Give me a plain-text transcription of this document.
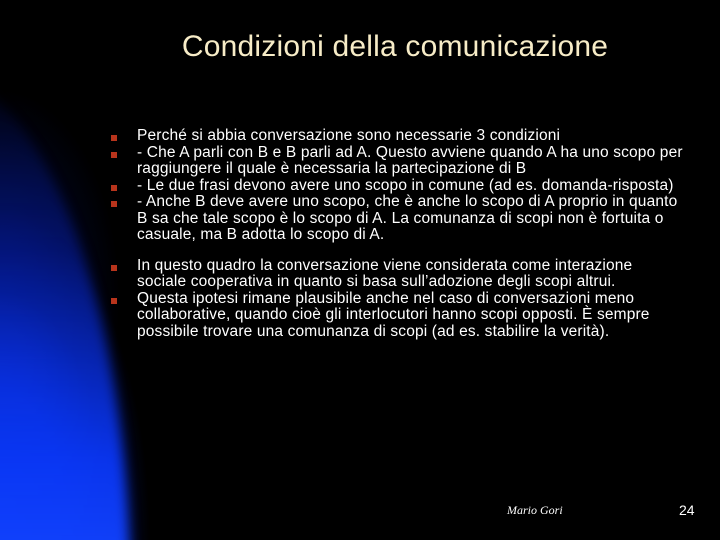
Condizioni della comunicazione
Perché si abbia conversazione sono necessarie 3 condizioni
- Che A parli con B e B parli ad A. Questo avviene quando A ha uno scopo per raggiungere il quale è necessaria la partecipazione di B
- Le due frasi devono avere uno scopo in comune (ad es. domanda-risposta)
- Anche B deve avere uno scopo, che è anche lo scopo di A proprio in quanto B sa che tale scopo è lo scopo di A. La comunanza di scopi non è fortuita o casuale, ma B adotta lo scopo di A.
In questo quadro la conversazione viene considerata come interazione sociale cooperativa in quanto si basa sull’adozione degli scopi altrui.
Questa ipotesi rimane plausibile anche nel caso di conversazioni meno collaborative, quando cioè gli interlocutori hanno scopi opposti. È sempre possibile trovare una comunanza di scopi (ad es. stabilire la verità).
Mario Gori	24
